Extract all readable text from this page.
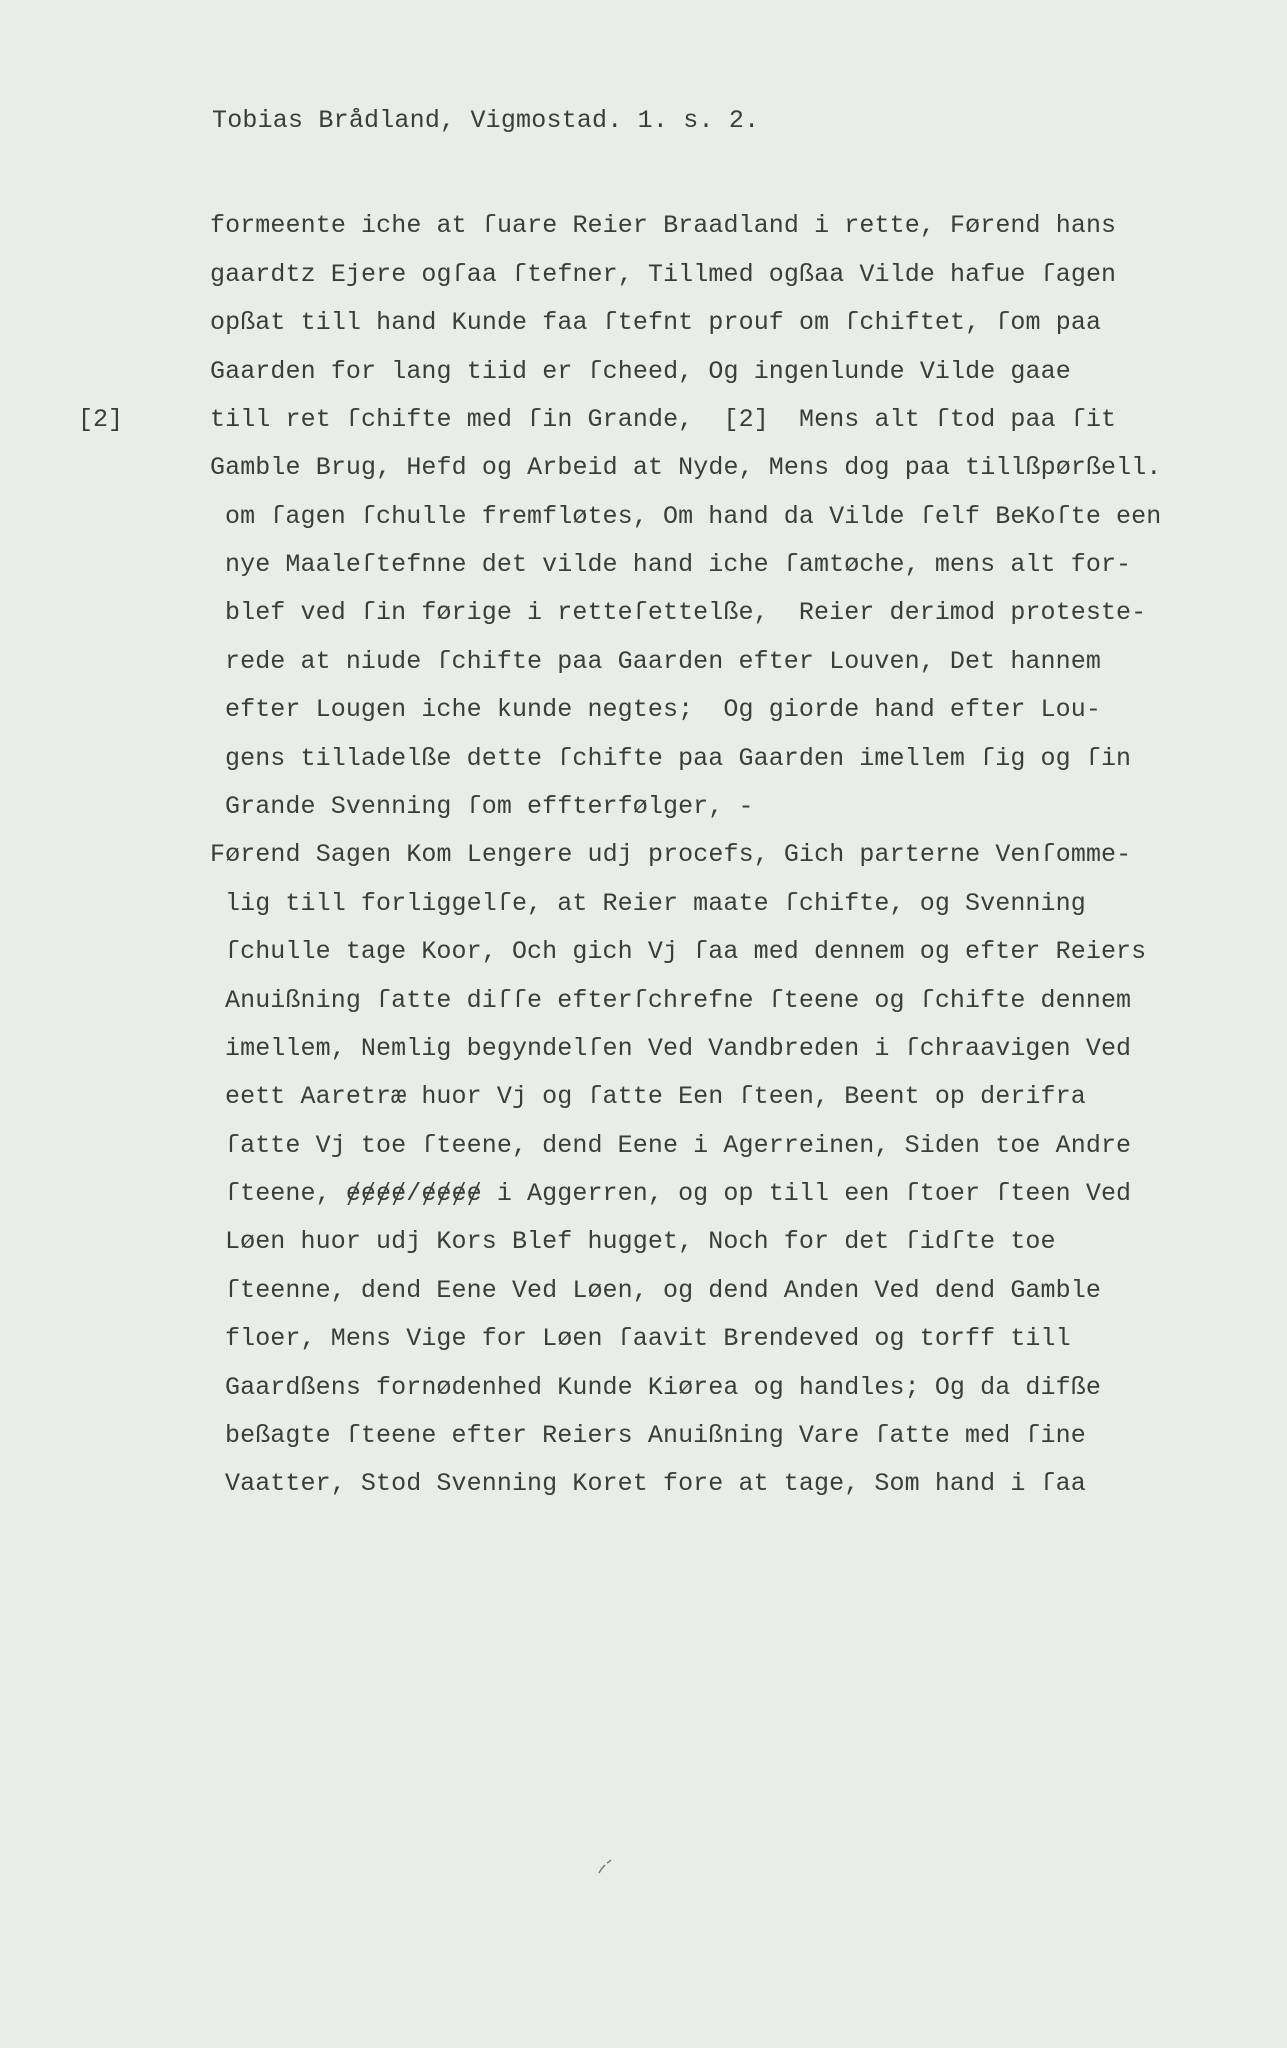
Tobias Brådland, Vigmostad. 1. s. 2.
[2]
formeente iche at ſuare Reier Braadland i rette, Førend hans
gaardtz Ejere ogſaa ſtefner, Tillmed ogßaa Vilde hafue ſagen
opßat till hand Kunde faa ſtefnt prouf om ſchiftet, ſom paa
Gaarden for lang tiid er ſcheed, Og ingenlunde Vilde gaae
till ret ſchifte med ſin Grande,  [2]  Mens alt ſtod paa ſit
Gamble Brug, Hefd og Arbeid at Nyde, Mens dog paa tillßpørßell.
om ſagen ſchulle fremfløtes, Om hand da Vilde ſelf BeKoſte een
nye Maaleſtefnne det vilde hand iche ſamtøche, mens alt for-
blef ved ſin førige i retteſettelße,  Reier derimod proteste-
rede at niude ſchifte paa Gaarden efter Louven, Det hannem
efter Lougen iche kunde negtes;  Og giorde hand efter Lou-
gens tilladelße dette ſchifte paa Gaarden imellem ſig og ſin
Grande Svenning ſom effterfølger, -
Førend Sagen Kom Lengere udj procefs, Gich parterne Venſomme-
lig till forliggelſe, at Reier maate ſchifte, og Svenning
ſchulle tage Koor, Och gich Vj ſaa med dennem og efter Reiers
Anuißning ſatte diſſe efterſchrefne ſteene og ſchifte dennem
imellem, Nemlig begyndelſen Ved Vandbreden i ſchraavigen Ved
eett Aaretræ huor Vj og ſatte Een ſteen, Beent op derifra
ſatte Vj toe ſteene, dend Eene i Agerreinen, Siden toe Andre
ſteene, ɇɇɇɇ/ɇɇɇɇ i Aggerren, og op till een ſtoer ſteen Ved
Løen huor udj Kors Blef hugget, Noch for det ſidſte toe
ſteenne, dend Eene Ved Løen, og dend Anden Ved dend Gamble
floer, Mens Vige for Løen ſaavit Brendeved og torff till
Gaardßens fornødenhed Kunde Kiørea og handles; Og da difße
beßagte ſteene efter Reiers Anuißning Vare ſatte med ſine
Vaatter, Stod Svenning Koret fore at tage, Som hand i ſaa
